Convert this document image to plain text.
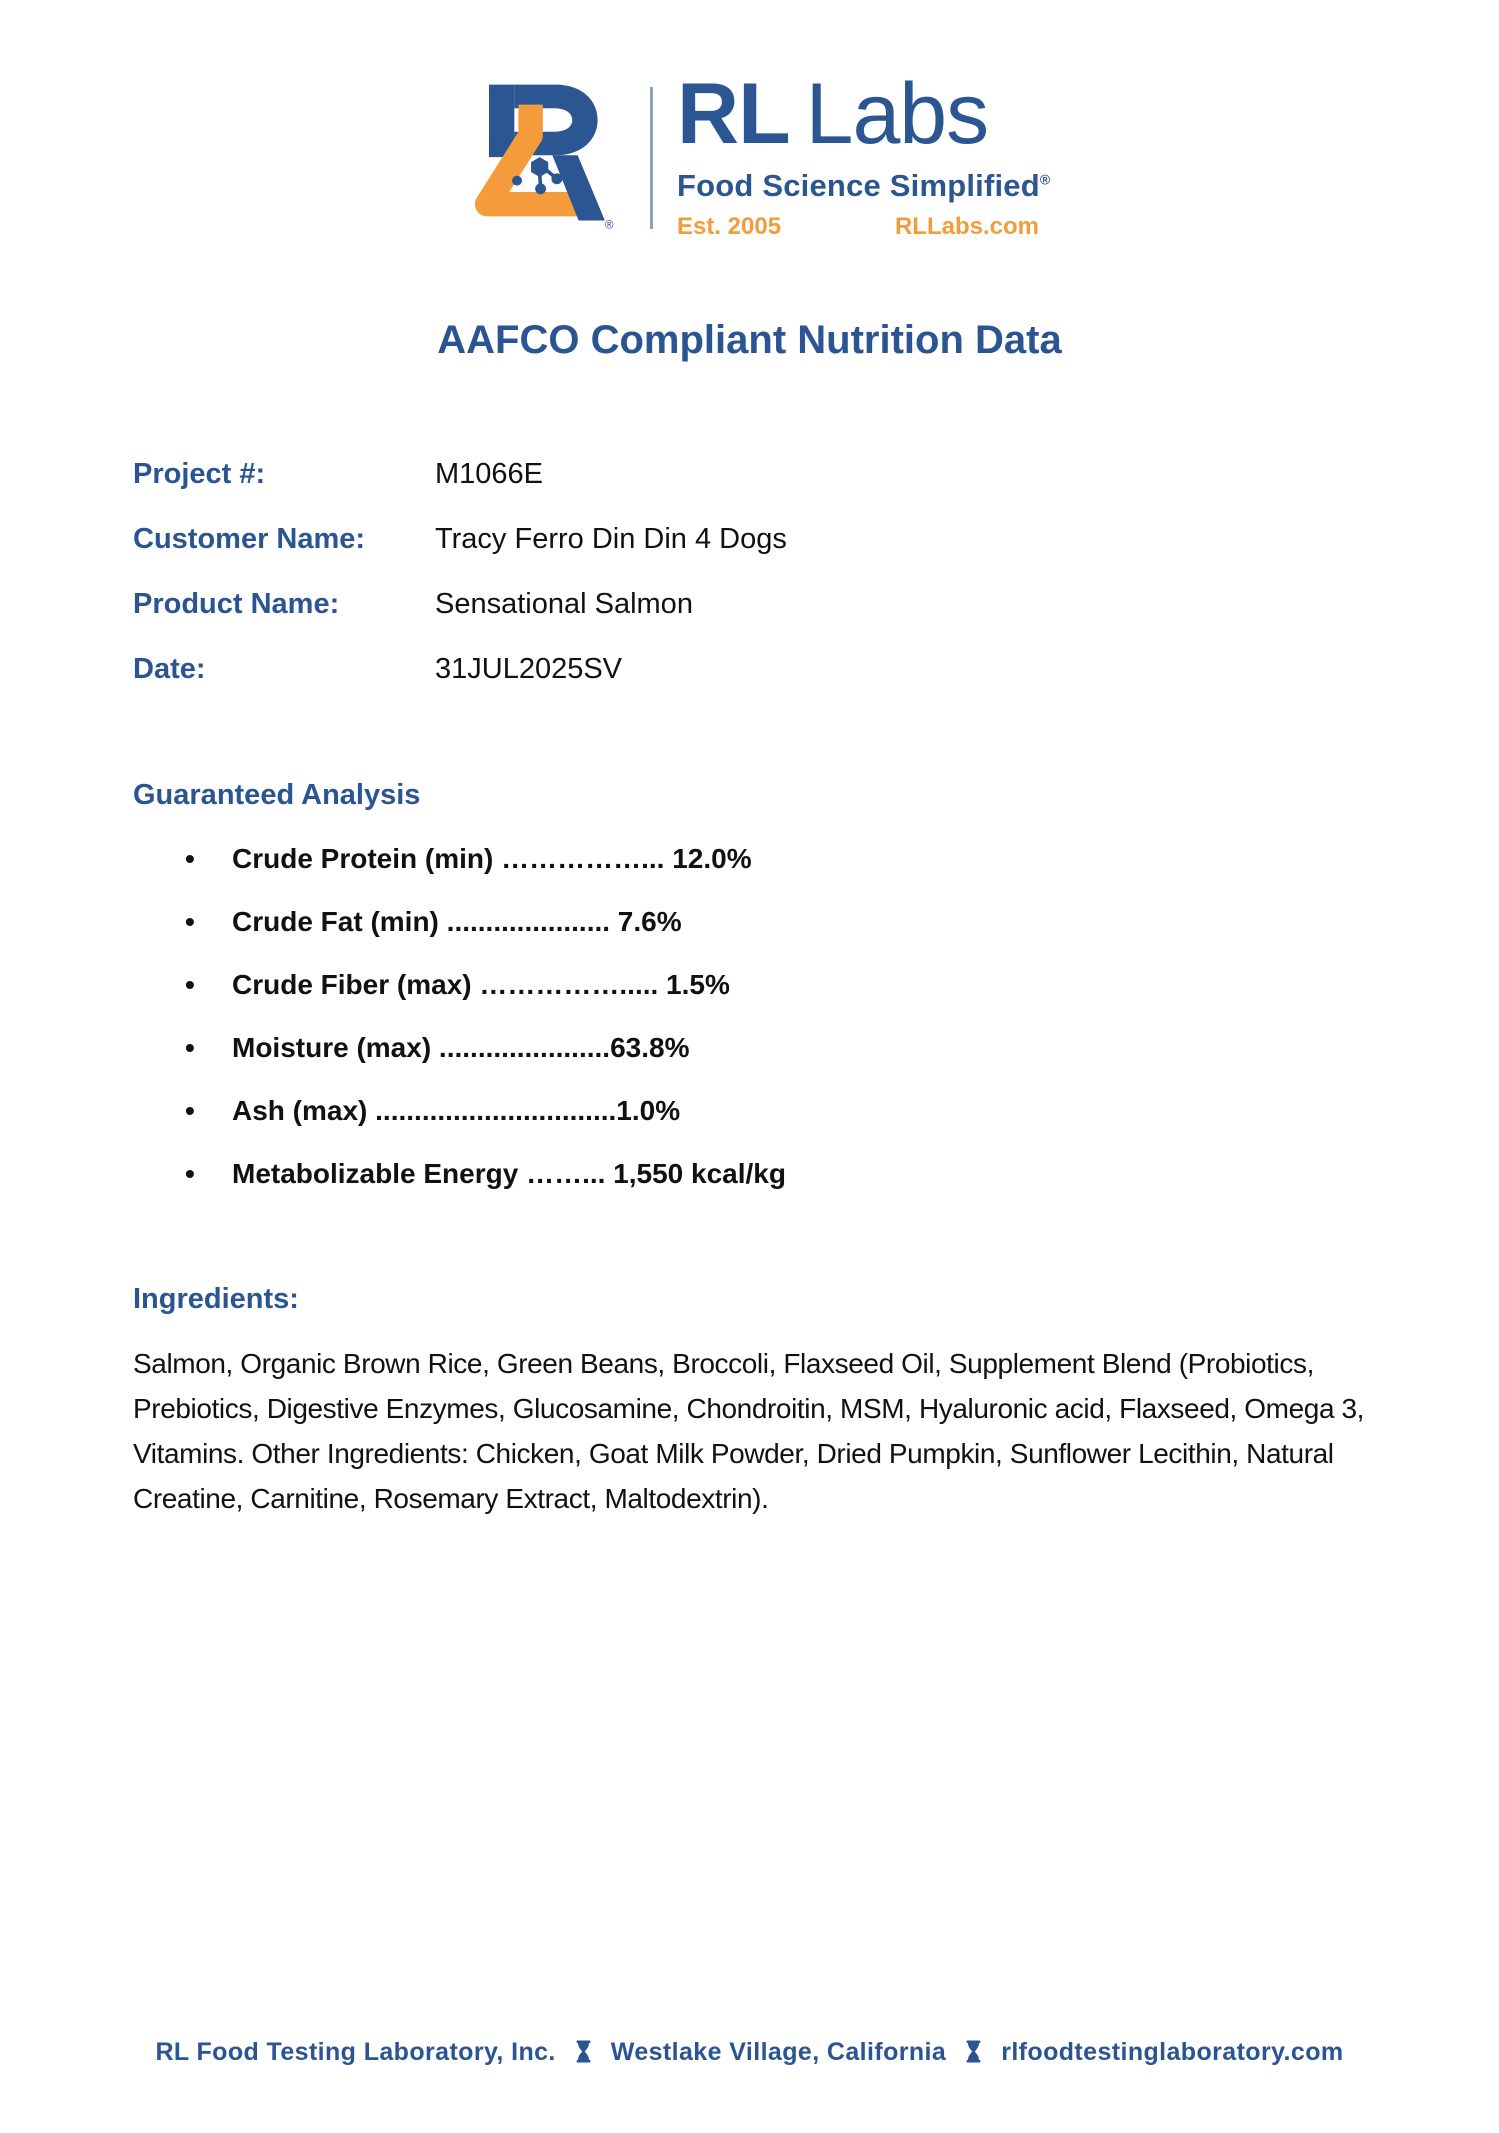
®
RL Labs
Food Science Simplified®
Est. 2005	RLLabs.com
AAFCO Compliant Nutrition Data
Project #:	M1066E
Customer Name:	Tracy Ferro Din Din 4 Dogs
Product Name:	Sensational Salmon
Date:	31JUL2025SV
Guaranteed Analysis
•	Crude Protein (min) ……………... 12.0%
•	Crude Fat (min) ..................... 7.6%
•	Crude Fiber (max) ……………..... 1.5%
•	Moisture (max) ......................63.8%
•	Ash (max) ...............................1.0%
•	Metabolizable Energy ……... 1,550 kcal/kg
Ingredients:
Salmon, Organic Brown Rice, Green Beans, Broccoli, Flaxseed Oil, Supplement Blend (Probiotics,
Prebiotics, Digestive Enzymes, Glucosamine, Chondroitin, MSM, Hyaluronic acid, Flaxseed, Omega 3,
Vitamins. Other Ingredients: Chicken, Goat Milk Powder, Dried Pumpkin, Sunflower Lecithin, Natural
Creatine, Carnitine, Rosemary Extract, Maltodextrin).
RL Food Testing Laboratory, Inc. Westlake Village, California rlfoodtestinglaboratory.com
